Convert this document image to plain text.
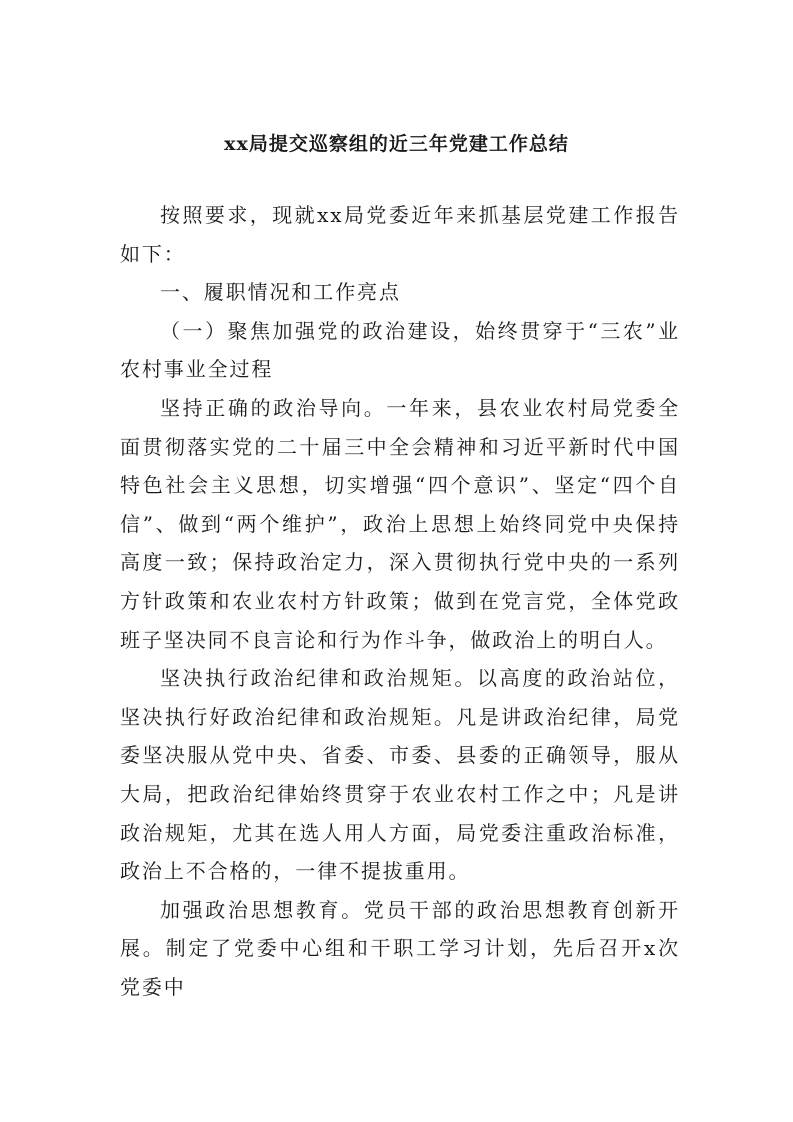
xx局提交巡察组的近三年党建工作总结

按照要求，现就xx局党委近年来抓基层党建工作报告如下：

一、履职情况和工作亮点

（一）聚焦加强党的政治建设，始终贯穿于“三农”业农村事业全过程

坚持正确的政治导向。一年来，县农业农村局党委全面贯彻落实党的二十届三中全会精神和习近平新时代中国特色社会主义思想，切实增强“四个意识”、坚定“四个自信”、做到“两个维护”，政治上思想上始终同党中央保持高度一致；保持政治定力，深入贯彻执行党中央的一系列方针政策和农业农村方针政策；做到在党言党，全体党政班子坚决同不良言论和行为作斗争，做政治上的明白人。

坚决执行政治纪律和政治规矩。以高度的政治站位，坚决执行好政治纪律和政治规矩。凡是讲政治纪律，局党委坚决服从党中央、省委、市委、县委的正确领导，服从大局，把政治纪律始终贯穿于农业农村工作之中；凡是讲政治规矩，尤其在选人用人方面，局党委注重政治标准，政治上不合格的，一律不提拔重用。

加强政治思想教育。党员干部的政治思想教育创新开展。制定了党委中心组和干职工学习计划，先后召开x次党委中
